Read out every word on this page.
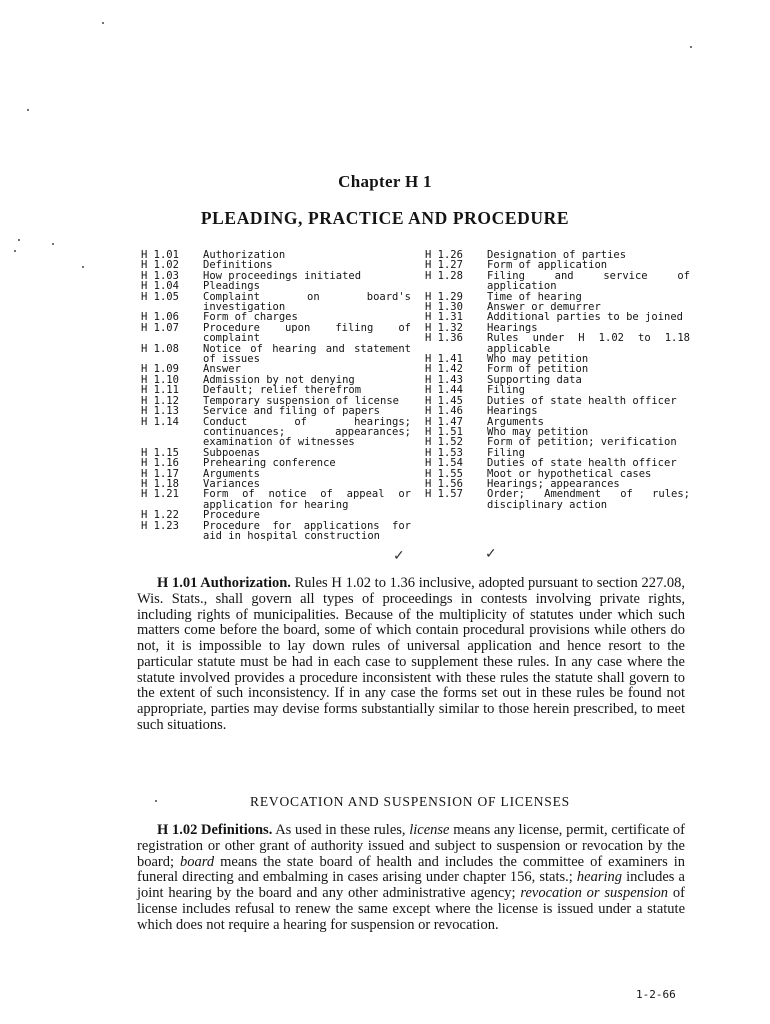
Chapter H 1
PLEADING, PRACTICE AND PROCEDURE
H 1.01	Authorization
H 1.02	Definitions
H 1.03	How proceedings initiated
H 1.04	Pleadings
H 1.05	Complaint on board's investigation
H 1.06	Form of charges
H 1.07	Procedure upon filing of complaint
H 1.08	Notice of hearing and statement of issues
H 1.09	Answer
H 1.10	Admission by not denying
H 1.11	Default; relief therefrom
H 1.12	Temporary suspension of license
H 1.13	Service and filing of papers
H 1.14	Conduct of hearings; continuances; appearances; examination of witnesses
H 1.15	Subpoenas
H 1.16	Prehearing conference
H 1.17	Arguments
H 1.18	Variances
H 1.21	Form of notice of appeal or application for hearing
H 1.22	Procedure
H 1.23	Procedure for applications for aid in hospital construction
H 1.26	Designation of parties
H 1.27	Form of application
H 1.28	Filing and service of application
H 1.29	Time of hearing
H 1.30	Answer or demurrer
H 1.31	Additional parties to be joined
H 1.32	Hearings
H 1.36	Rules under H 1.02 to 1.18 applicable
H 1.41	Who may petition
H 1.42	Form of petition
H 1.43	Supporting data
H 1.44	Filing
H 1.45	Duties of state health officer
H 1.46	Hearings
H 1.47	Arguments
H 1.51	Who may petition
H 1.52	Form of petition; verification
H 1.53	Filing
H 1.54	Duties of state health officer
H 1.55	Moot or hypothetical cases
H 1.56	Hearings; appearances
H 1.57	Order; Amendment of rules; disciplinary action

H 1.01 Authorization. Rules H 1.02 to 1.36 inclusive, adopted pursuant to section 227.08, Wis. Stats., shall govern all types of proceedings in contests involving private rights, including rights of municipalities. Because of the multiplicity of statutes under which such matters come before the board, some of which contain procedural provisions while others do not, it is impossible to lay down rules of universal application and hence resort to the particular statute must be had in each case to supplement these rules. In any case where the statute involved provides a procedure inconsistent with these rules the statute shall govern to the extent of such inconsistency. If in any case the forms set out in these rules be found not appropriate, parties may devise forms substantially similar to those herein prescribed, to meet such situations.

REVOCATION AND SUSPENSION OF LICENSES

H 1.02 Definitions. As used in these rules, license means any license, permit, certificate of registration or other grant of authority issued and subject to suspension or revocation by the board; board means the state board of health and includes the committee of examiners in funeral directing and embalming in cases arising under chapter 156, stats.; hearing includes a joint hearing by the board and any other administrative agency; revocation or suspension of license includes refusal to renew the same except where the license is issued under a statute which does not require a hearing for suspension or revocation.

1-2-66
✓	✓
